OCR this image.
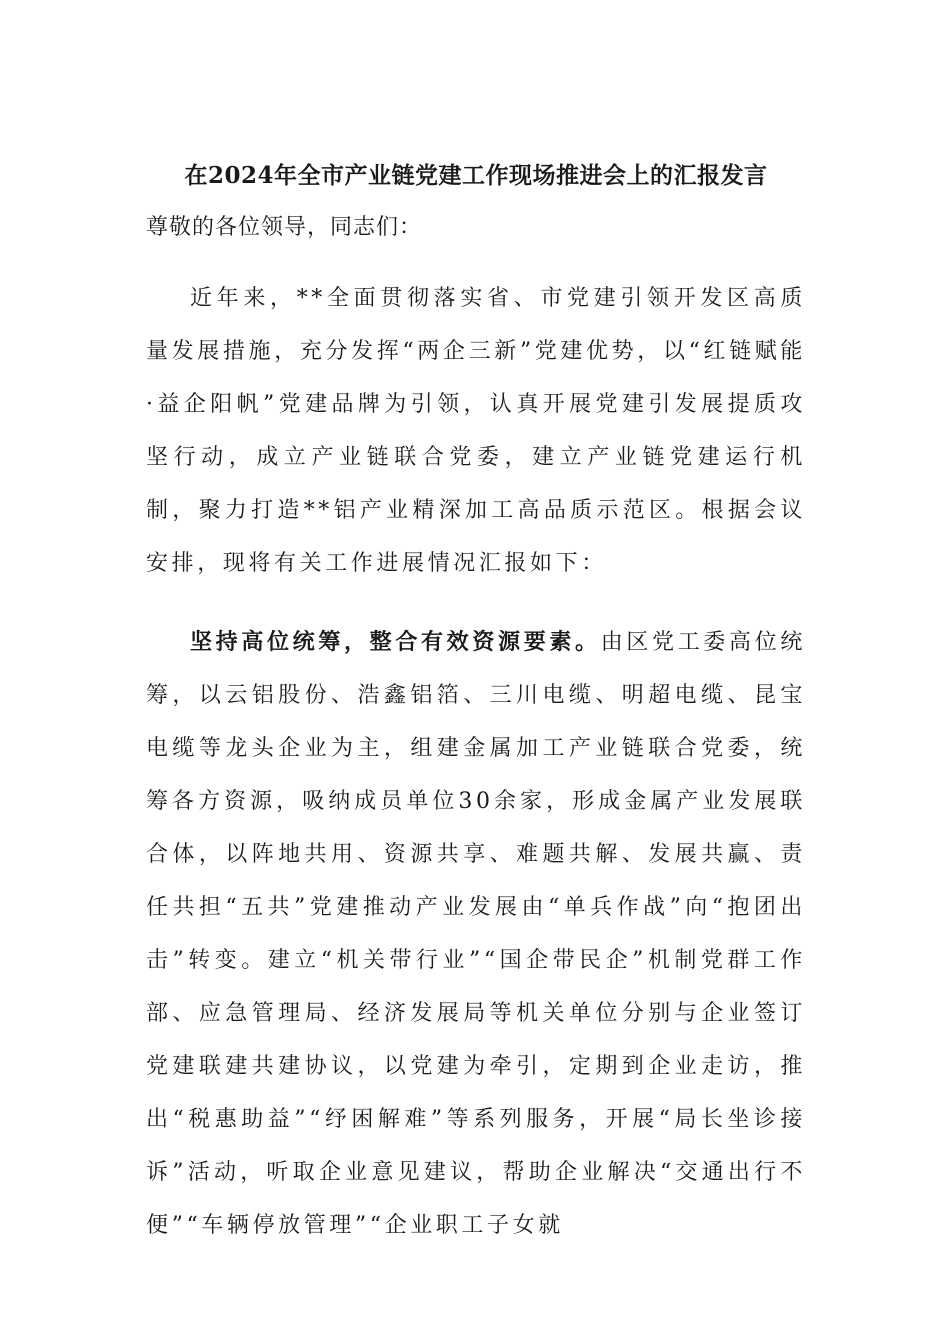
在2024年全市产业链党建工作现场推进会上的汇报发言

尊敬的各位领导，同志们：

近年来，**全面贯彻落实省、市党建引领开发区高质量发展措施，充分发挥“两企三新”党建优势，以“红链赋能·益企阳帆”党建品牌为引领，认真开展党建引发展提质攻坚行动，成立产业链联合党委，建立产业链党建运行机制，聚力打造**铝产业精深加工高品质示范区。根据会议安排，现将有关工作进展情况汇报如下：

坚持高位统筹，整合有效资源要素。由区党工委高位统筹，以云铝股份、浩鑫铝箔、三川电缆、明超电缆、昆宝电缆等龙头企业为主，组建金属加工产业链联合党委，统筹各方资源，吸纳成员单位30余家，形成金属产业发展联合体，以阵地共用、资源共享、难题共解、发展共赢、责任共担“五共”党建推动产业发展由“单兵作战”向“抱团出击”转变。建立“机关带行业”“国企带民企”机制党群工作部、应急管理局、经济发展局等机关单位分别与企业签订党建联建共建协议，以党建为牵引，定期到企业走访，推出“税惠助益”“纾困解难”等系列服务，开展“局长坐诊接诉”活动，听取企业意见建议，帮助企业解决“交通出行不便”“车辆停放管理”“企业职工子女就
